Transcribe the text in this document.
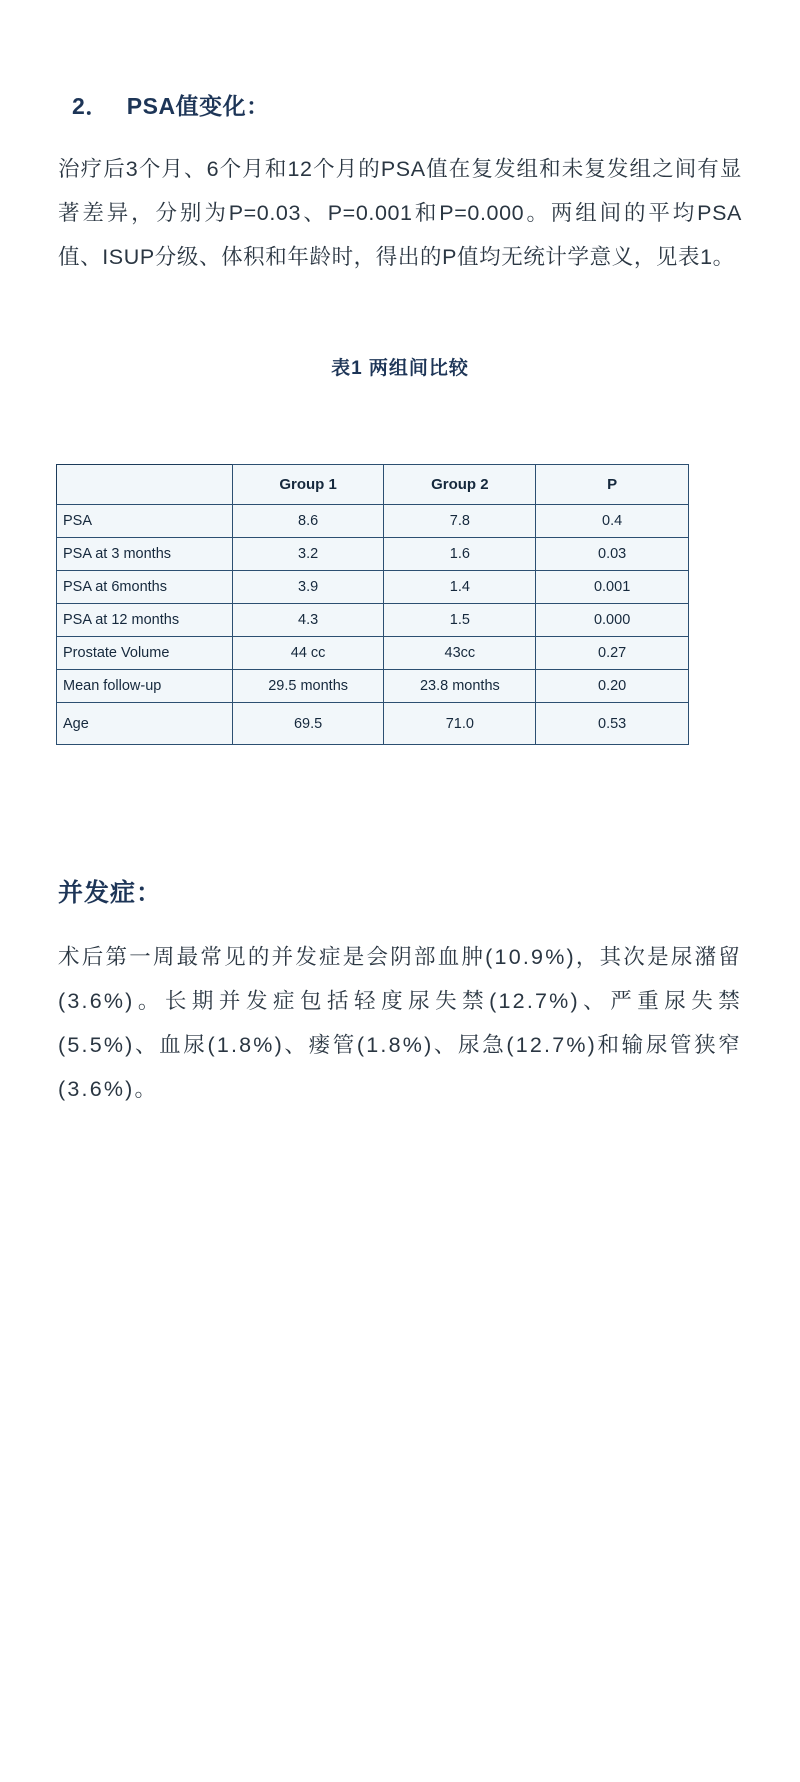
2． PSA值变化：
治疗后3个月、6个月和12个月的PSA值在复发组和未复发组之间有显著差异，分别为P=0.03、P=0.001和P=0.000。两组间的平均PSA值、ISUP分级、体积和年龄时，得出的P值均无统计学意义，见表1。
表1 两组间比较
	Group 1	Group 2	P
PSA	8.6	7.8	0.4
PSA at 3 months	3.2	1.6	0.03
PSA at 6months	3.9	1.4	0.001
PSA at 12 months	4.3	1.5	0.000
Prostate Volume	44 cc	43cc	0.27
Mean follow-up	29.5 months	23.8 months	0.20
Age	69.5	71.0	0.53
并发症：
术后第一周最常见的并发症是会阴部血肿(10.9%)，其次是尿潴留(3.6%)。长期并发症包括轻度尿失禁(12.7%)、严重尿失禁(5.5%)、血尿(1.8%)、瘘管(1.8%)、尿急(12.7%)和输尿管狭窄(3.6%)。
